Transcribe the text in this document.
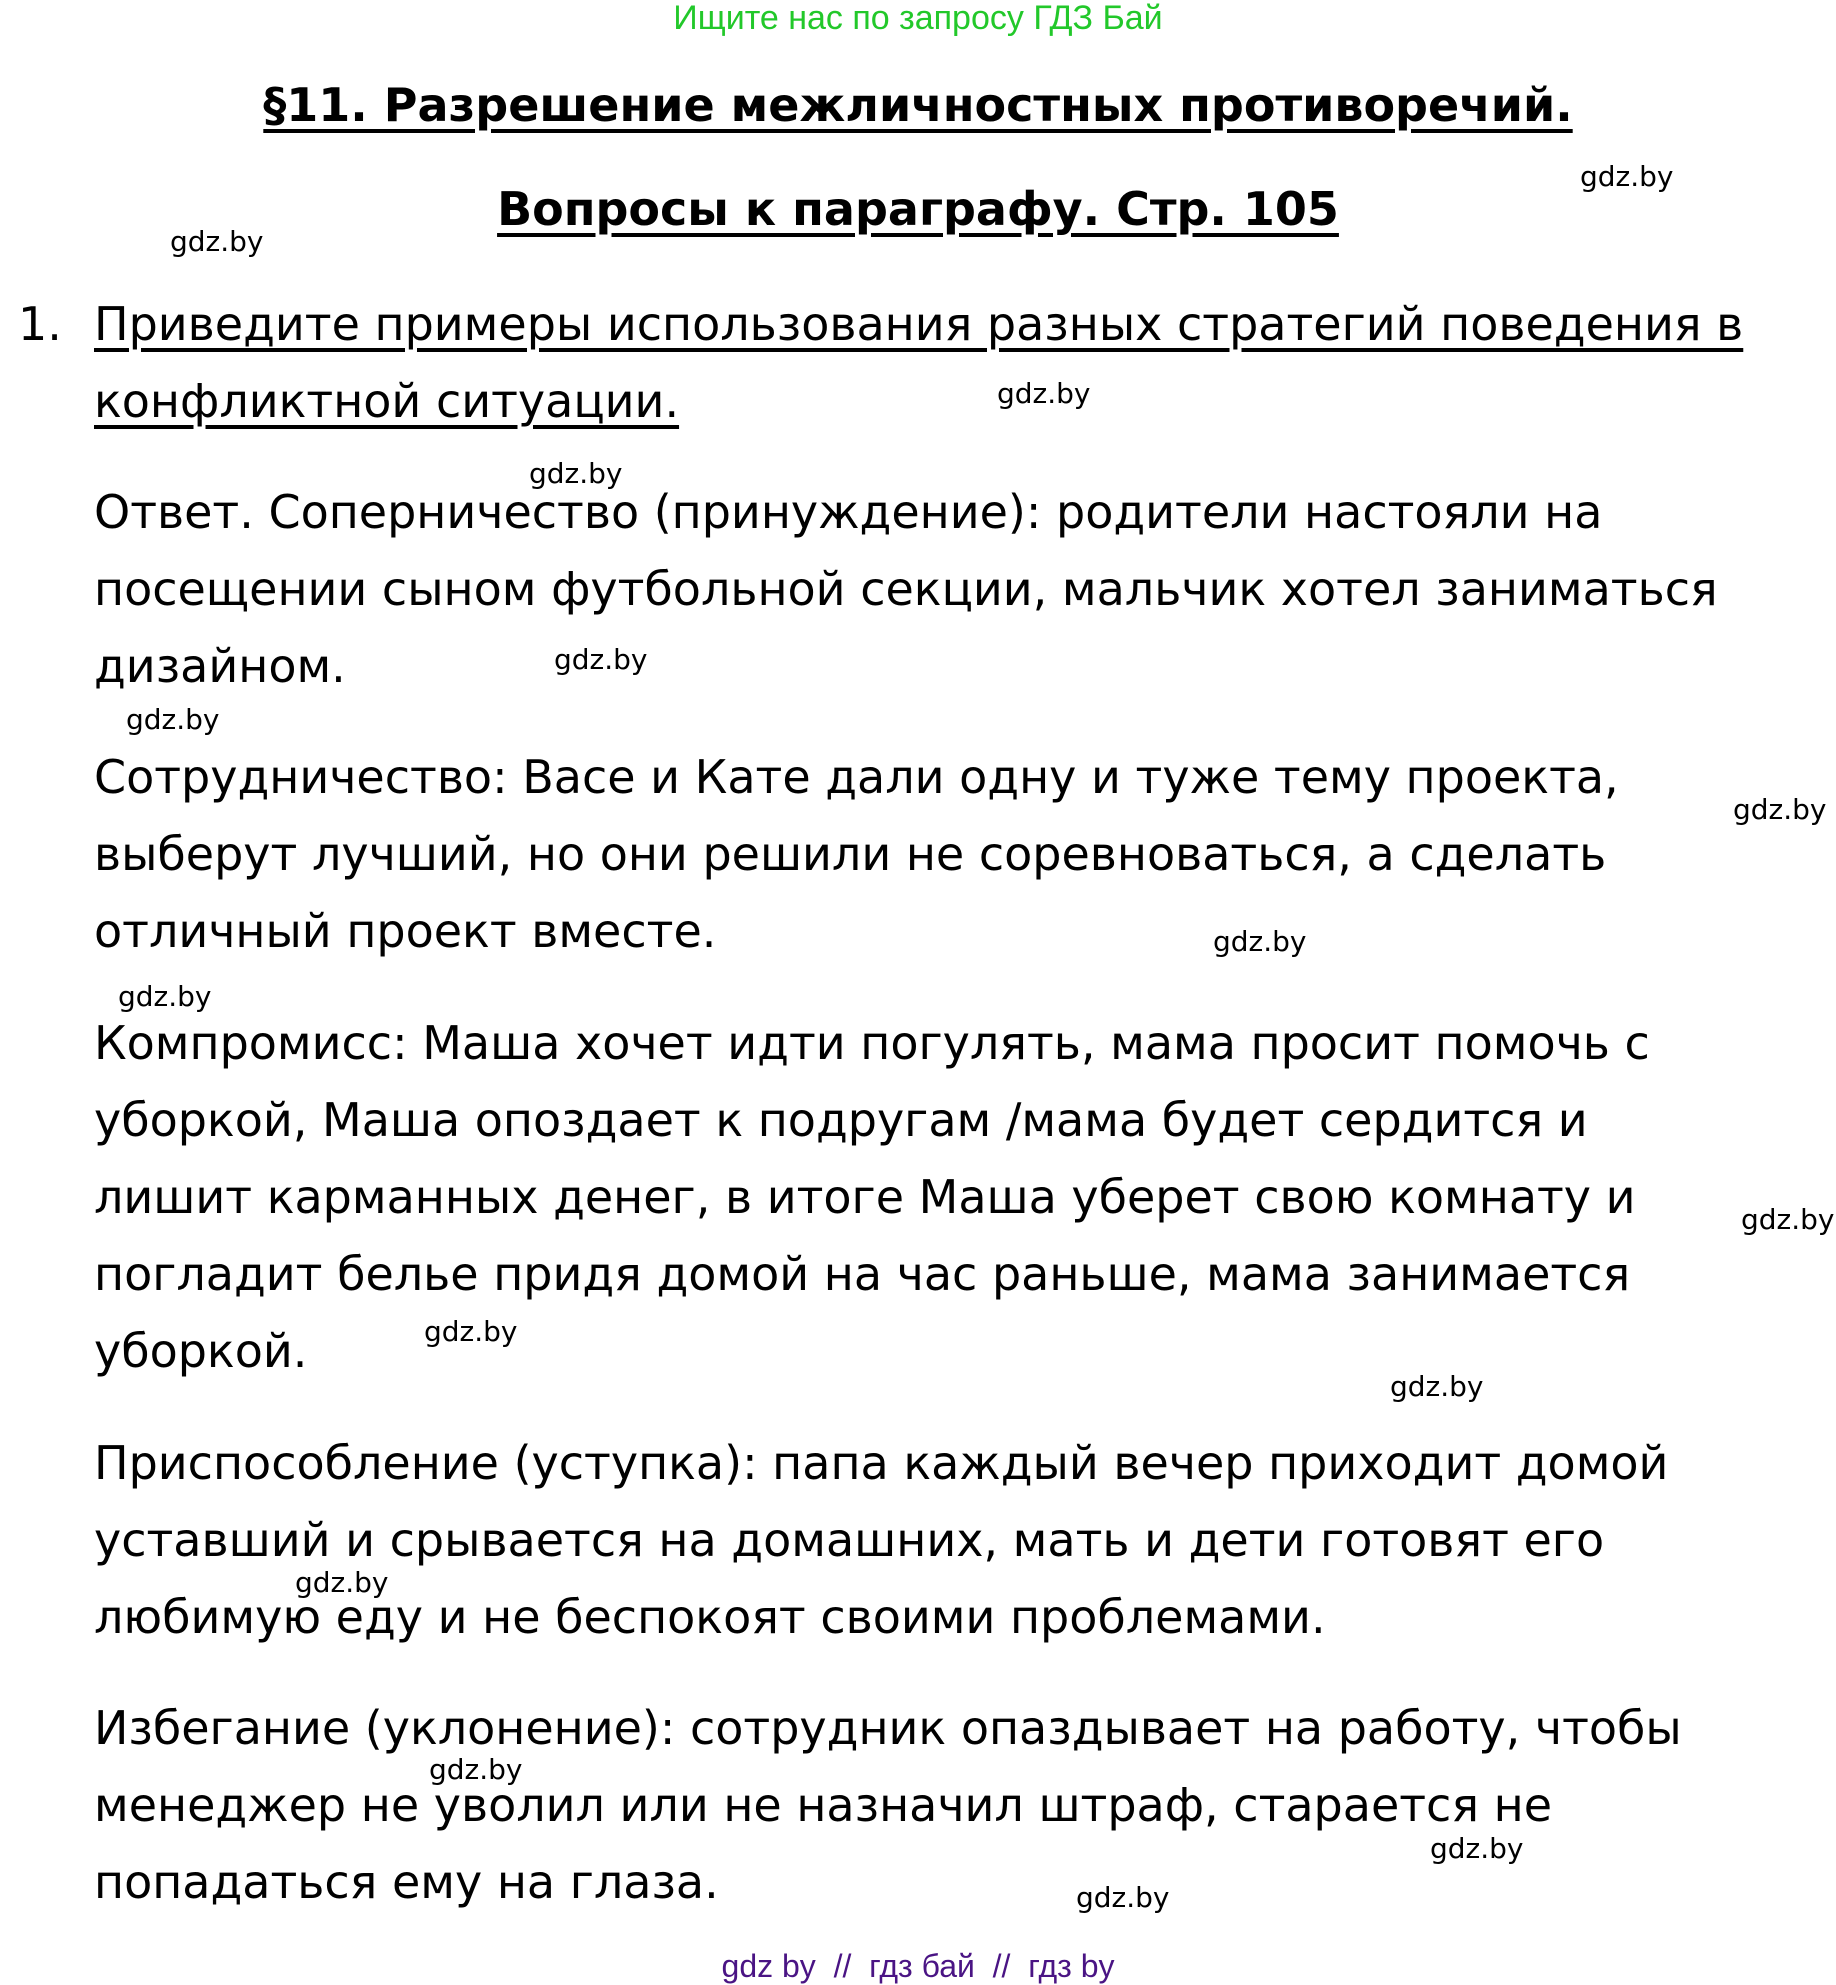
Ищите нас по запросу ГДЗ Бай
§11. Разрешение межличностных противоречий.
Вопросы к параграфу. Стр. 105
1. Приведите примеры использования разных стратегий поведения в
конфликтной ситуации.
Ответ. Соперничество (принуждение): родители настояли на
посещении сыном футбольной секции, мальчик хотел заниматься
дизайном.
Сотрудничество: Васе и Кате дали одну и туже тему проекта,
выберут лучший, но они решили не соревноваться, а сделать
отличный проект вместе.
Компромисс: Маша хочет идти погулять, мама просит помочь с
уборкой, Маша опоздает к подругам /мама будет сердится и
лишит карманных денег, в итоге Маша уберет свою комнату и
погладит белье придя домой на час раньше, мама занимается
уборкой.
Приспособление (уступка): папа каждый вечер приходит домой
уставший и срывается на домашних, мать и дети готовят его
любимую еду и не беспокоят своими проблемами.
Избегание (уклонение): сотрудник опаздывает на работу, чтобы
менеджер не уволил или не назначил штраф, старается не
попадаться ему на глаза.
gdz.by
gdz.by
gdz.by
gdz.by
gdz.by
gdz.by
gdz.by
gdz.by
gdz.by
gdz.by
gdz.by
gdz.by
gdz.by
gdz.by
gdz.by
gdz.by
gdz by  //  гдз бай  //  гдз by
